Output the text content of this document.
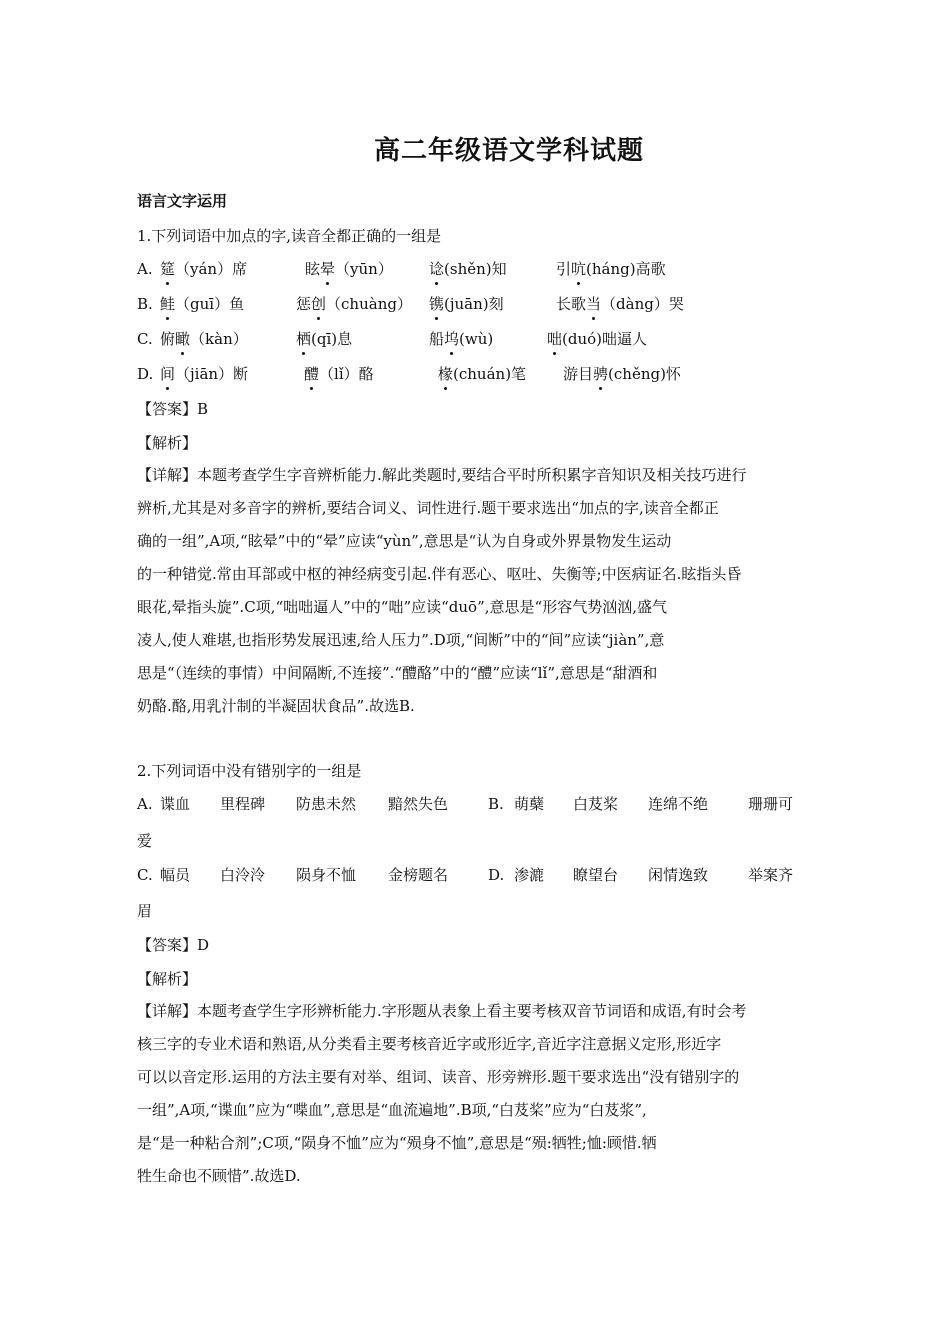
高二年级语文学科试题
语言文字运用
1.下列词语中加点的字,读音全都正确的一组是
A. 筵（yán）席	眩晕（yūn） 谂(shěn)知	引吭(háng)高歌
B. 鲑（guī）鱼	惩创（chuàng） 镌(juān)刻	长歌当（dàng）哭
C. 俯瞰（kàn）	栖(qī)息	船坞(wù)	咄(duó)咄逼人
D. 间（jiān）断	醴（lǐ）酪	椽(chuán)笔 游目骋(chěng)怀
【答案】B
【解析】

【详解】本题考查学生字音辨析能力.解此类题时,要结合平时所积累字音知识及相关技巧进行

辨析,尤其是对多音字的辨析,要结合词义、词性进行.题干要求选出“加点的字,读音全都正

确的一组”,A项,“眩晕”中的“晕”应读“yùn”,意思是“认为自身或外界景物发生运动

的一种错觉.常由耳部或中枢的神经病变引起.伴有恶心、呕吐、失衡等;中医病证名.眩指头昏

眼花,晕指头旋”.C项,“咄咄逼人”中的“咄”应读“duō”,意思是“形容气势汹汹,盛气

凌人,使人难堪,也指形势发展迅速,给人压力”.D项,“间断”中的“间”应读“jiàn”,意

思是“（连续的事情）中间隔断,不连接”.“醴酪”中的“醴”应读“lǐ”,意思是“甜酒和

奶酪.酪,用乳汁制的半凝固状食品”.故选B.

2.下列词语中没有错别字的一组是
A. 谍血 里程碑 防患未然 黯然失色	B. 萌蘖 白芨桨 连绵不绝	珊珊可
爱
C. 幅员 白泠泠 陨身不恤 金榜题名	D. 渗漉 瞭望台 闲情逸致	举案齐
眉
【答案】D
【解析】

【详解】本题考查学生字形辨析能力.字形题从表象上看主要考核双音节词语和成语,有时会考

核三字的专业术语和熟语,从分类看主要考核音近字或形近字,音近字注意据义定形,形近字

可以以音定形.运用的方法主要有对举、组词、读音、形旁辨形.题干要求选出“没有错别字的

一组”,A项,“谍血”应为“喋血”,意思是“血流遍地”.B项,“白芨桨”应为“白芨浆”,

是“是一种粘合剂”;C项,“陨身不恤”应为“殒身不恤”,意思是“殒:牺牲;恤:顾惜.牺

牲生命也不顾惜”.故选D.
